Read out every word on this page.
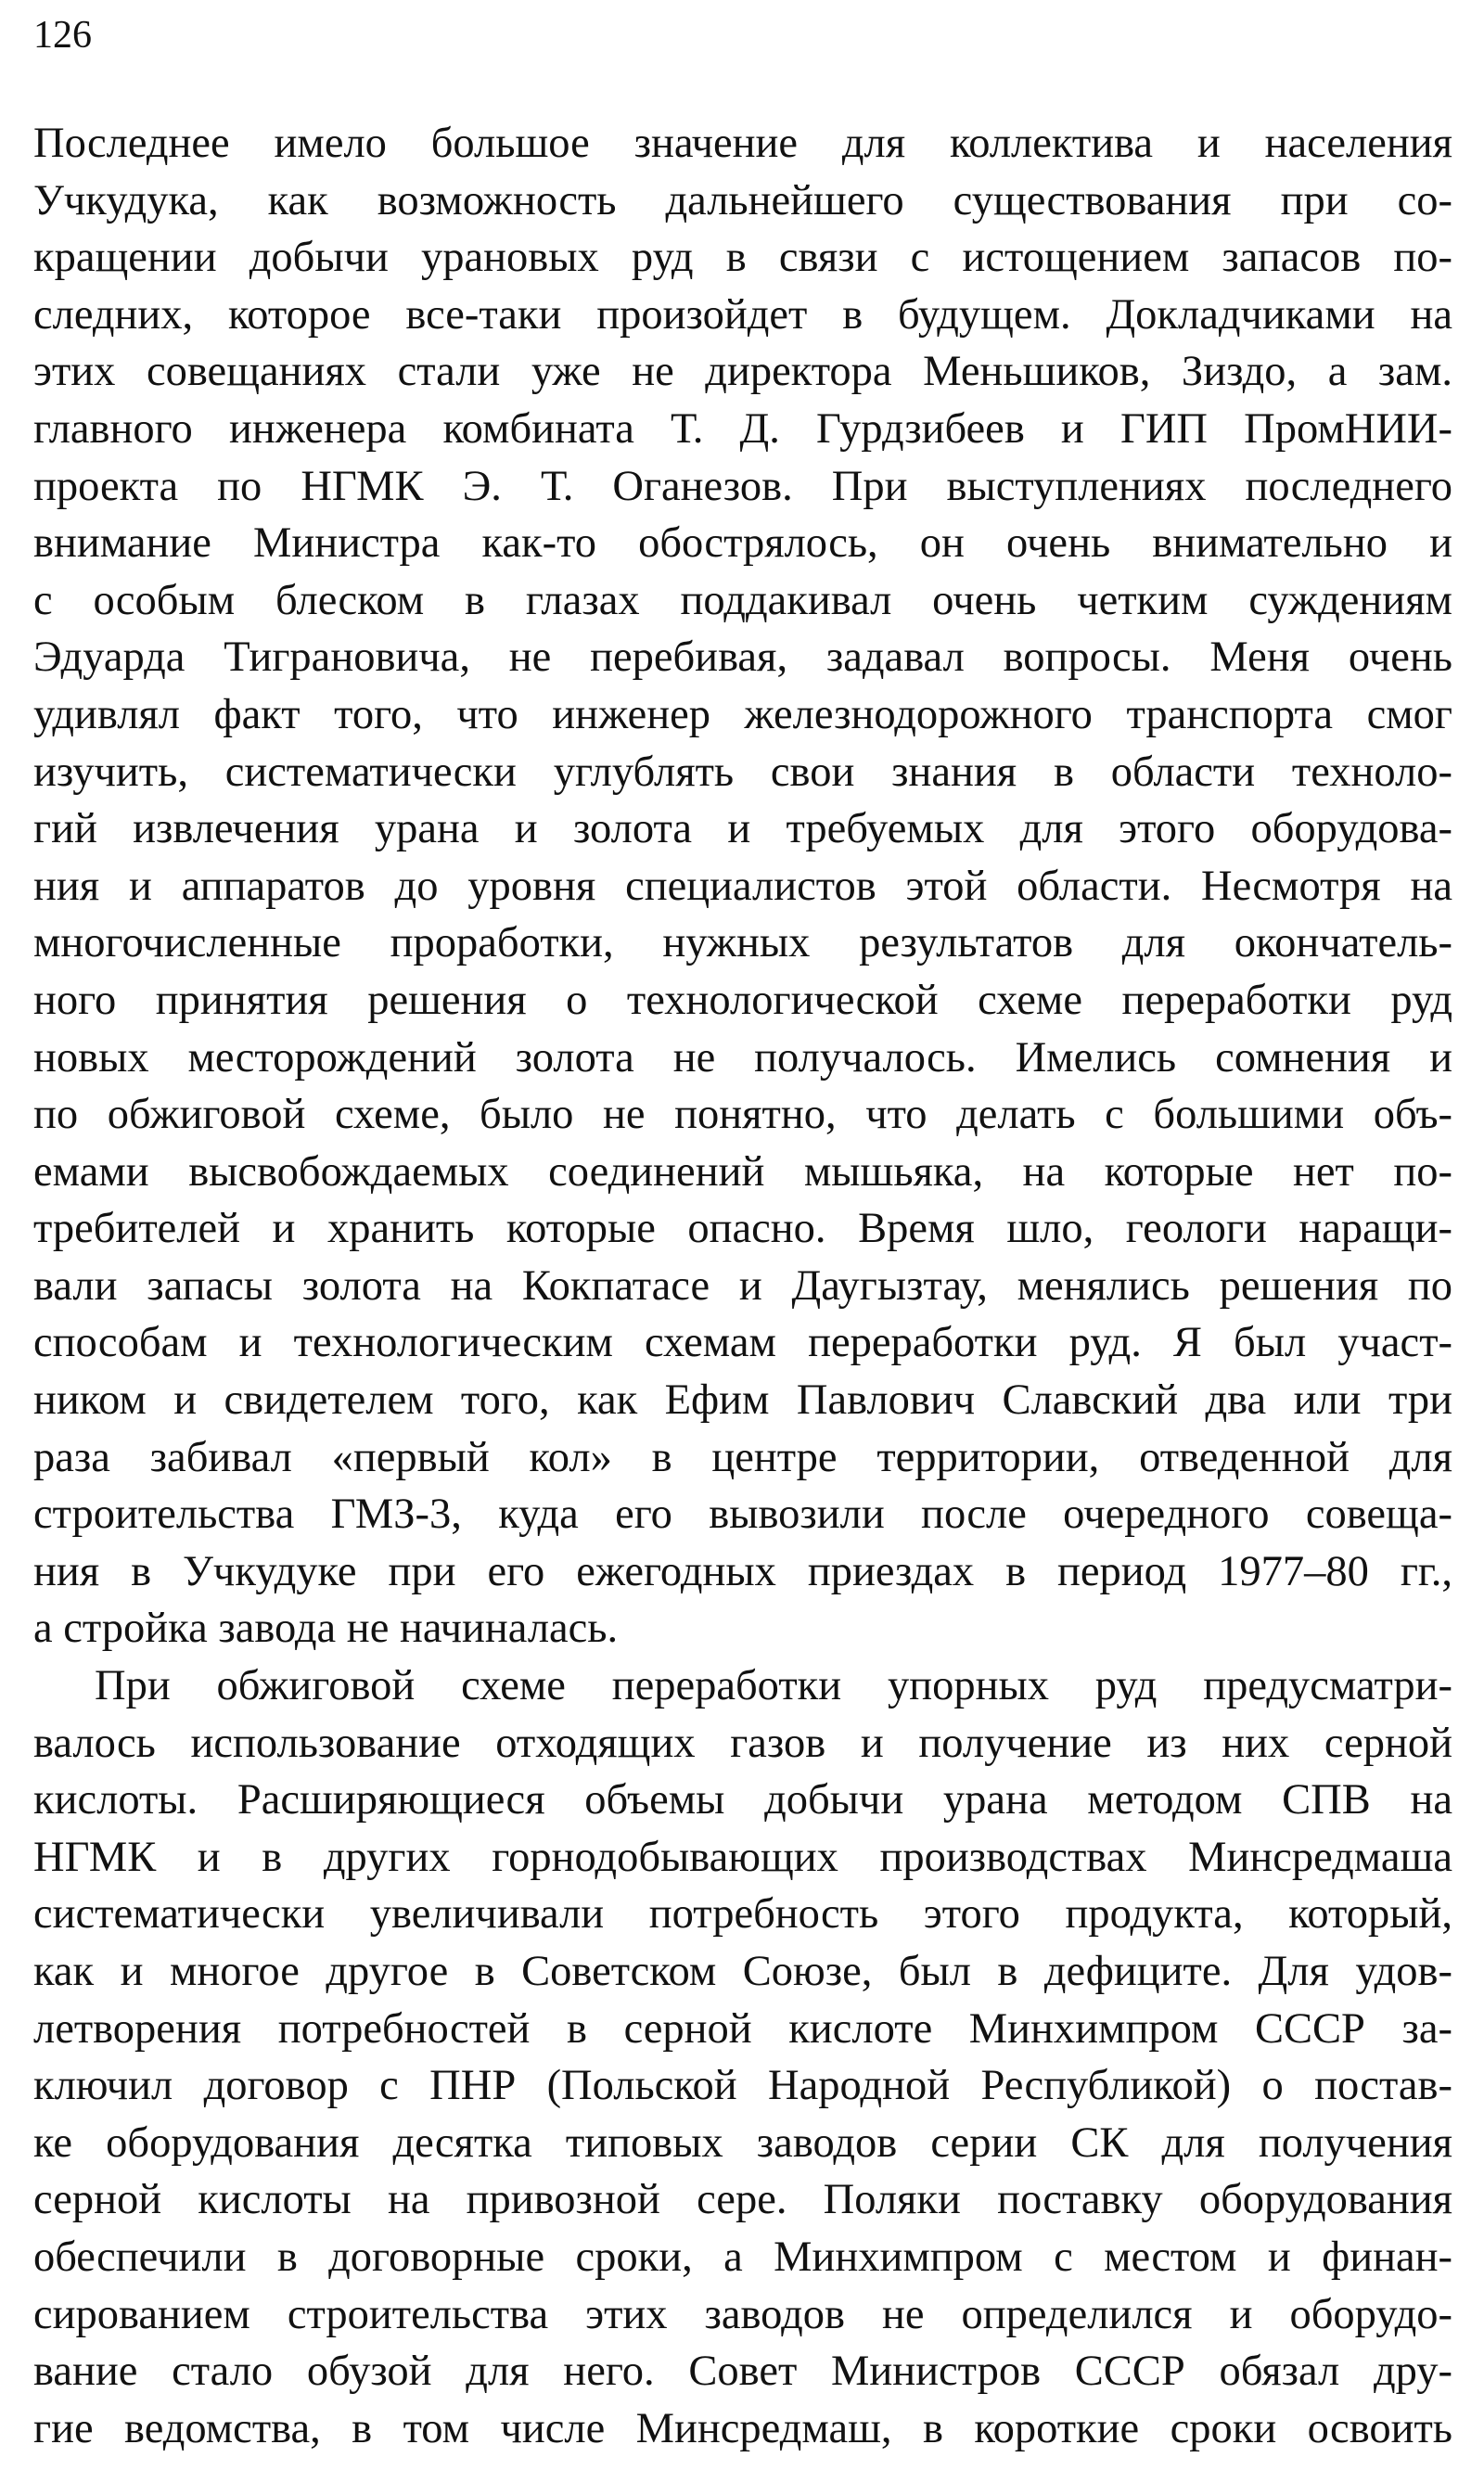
126
Последнее имело большое значение для коллектива и населения
Учкудука, как возможность дальнейшего существования при со-
кращении добычи урановых руд в связи с истощением запасов по-
следних, которое все-таки произойдет в будущем. Докладчиками на
этих совещаниях стали уже не директора Меньшиков, Зиздо, а зам.
главного инженера комбината Т. Д. Гурдзибеев и ГИП ПромНИИ-
проекта по НГМК Э. Т. Оганезов. При выступлениях последнего
внимание Министра как-то обострялось, он очень внимательно и
с особым блеском в глазах поддакивал очень четким суждениям
Эдуарда Тиграновича, не перебивая, задавал вопросы. Меня очень
удивлял факт того, что инженер железнодорожного транспорта смог
изучить, систематически углублять свои знания в области техноло-
гий извлечения урана и золота и требуемых для этого оборудова-
ния и аппаратов до уровня специалистов этой области. Несмотря на
многочисленные проработки, нужных результатов для окончатель-
ного принятия решения о технологической схеме переработки руд
новых месторождений золота не получалось. Имелись сомнения и
по обжиговой схеме, было не понятно, что делать с большими объ-
емами высвобождаемых соединений мышьяка, на которые нет по-
требителей и хранить которые опасно. Время шло, геологи наращи-
вали запасы золота на Кокпатасе и Даугызтау, менялись решения по
способам и технологическим схемам переработки руд. Я был участ-
ником и свидетелем того, как Ефим Павлович Славский два или три
раза забивал «первый кол» в центре территории, отведенной для
строительства ГМЗ-3, куда его вывозили после очередного совеща-
ния в Учкудуке при его ежегодных приездах в период 1977–80 гг.,
а стройка завода не начиналась.
При обжиговой схеме переработки упорных руд предусматри-
валось использование отходящих газов и получение из них серной
кислоты. Расширяющиеся объемы добычи урана методом СПВ на
НГМК и в других горнодобывающих производствах Минсредмаша
систематически увеличивали потребность этого продукта, который,
как и многое другое в Советском Союзе, был в дефиците. Для удов-
летворения потребностей в серной кислоте Минхимпром СССР за-
ключил договор с ПНР (Польской Народной Республикой) о постав-
ке оборудования десятка типовых заводов серии СК для получения
серной кислоты на привозной сере. Поляки поставку оборудования
обеспечили в договорные сроки, а Минхимпром с местом и финан-
сированием строительства этих заводов не определился и оборудо-
вание стало обузой для него. Совет Министров СССР обязал дру-
гие ведомства, в том числе Минсредмаш, в короткие сроки освоить
